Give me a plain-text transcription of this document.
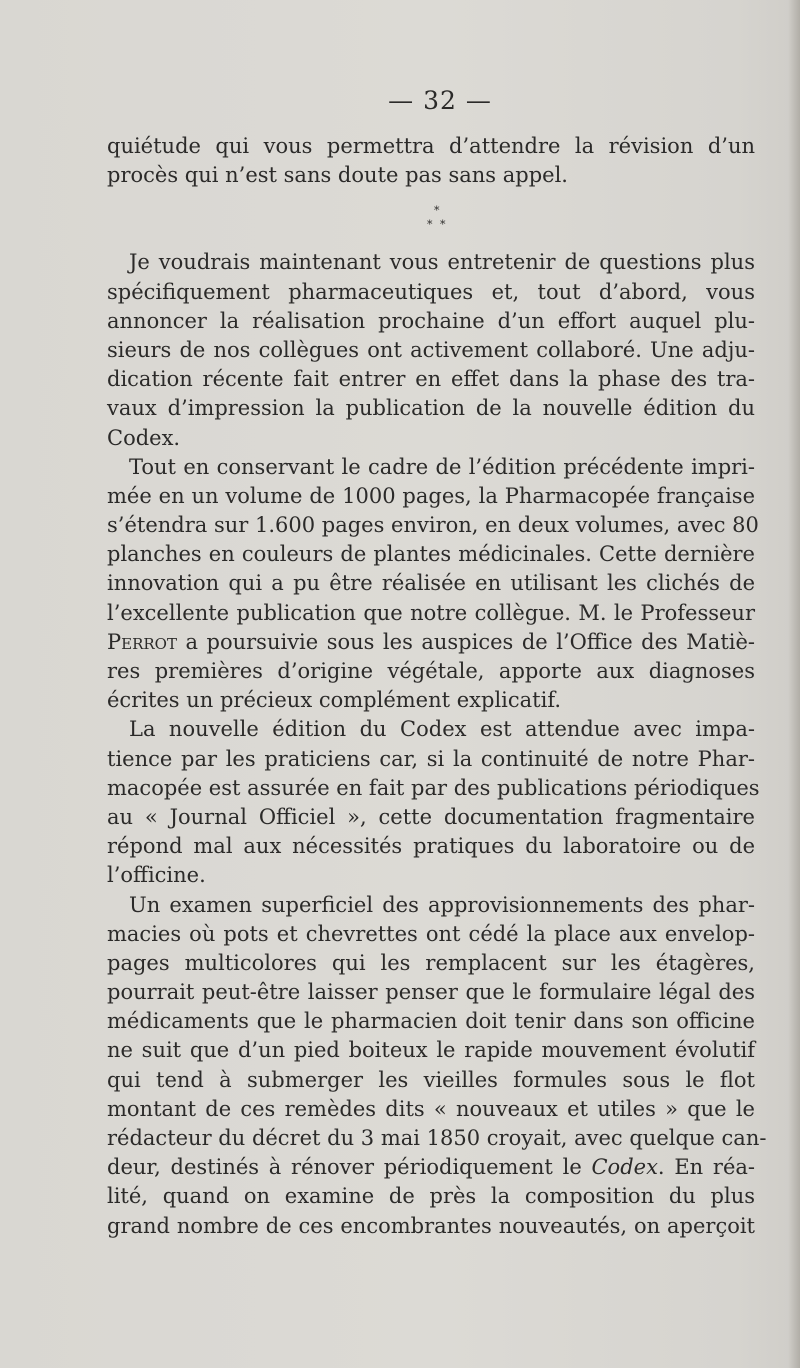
— 32 —
quiétude qui vous permettra d’attendre la révision d’un
procès qui n’est sans doute pas sans appel.
*
* *
Je voudrais maintenant vous entretenir de questions plus
spécifiquement pharmaceutiques et, tout d’abord, vous
annoncer la réalisation prochaine d’un effort auquel plu-
sieurs de nos collègues ont activement collaboré. Une adju-
dication récente fait entrer en effet dans la phase des tra-
vaux d’impression la publication de la nouvelle édition du
Codex.
Tout en conservant le cadre de l’édition précédente impri-
mée en un volume de 1000 pages, la Pharmacopée française
s’étendra sur 1.600 pages environ, en deux volumes, avec 80
planches en couleurs de plantes médicinales. Cette dernière
innovation qui a pu être réalisée en utilisant les clichés de
l’excellente publication que notre collègue. M. le Professeur
Perrot a poursuivie sous les auspices de l’Office des Matiè-
res premières d’origine végétale, apporte aux diagnoses
écrites un précieux complément explicatif.
La nouvelle édition du Codex est attendue avec impa-
tience par les praticiens car, si la continuité de notre Phar-
macopée est assurée en fait par des publications périodiques
au « Journal Officiel », cette documentation fragmentaire
répond mal aux nécessités pratiques du laboratoire ou de
l’officine.
Un examen superficiel des approvisionnements des phar-
macies où pots et chevrettes ont cédé la place aux envelop-
pages multicolores qui les remplacent sur les étagères,
pourrait peut-être laisser penser que le formulaire légal des
médicaments que le pharmacien doit tenir dans son officine
ne suit que d’un pied boiteux le rapide mouvement évolutif
qui tend à submerger les vieilles formules sous le flot
montant de ces remèdes dits « nouveaux et utiles » que le
rédacteur du décret du 3 mai 1850 croyait, avec quelque can-
deur, destinés à rénover périodiquement le Codex. En réa-
lité, quand on examine de près la composition du plus
grand nombre de ces encombrantes nouveautés, on aperçoit
